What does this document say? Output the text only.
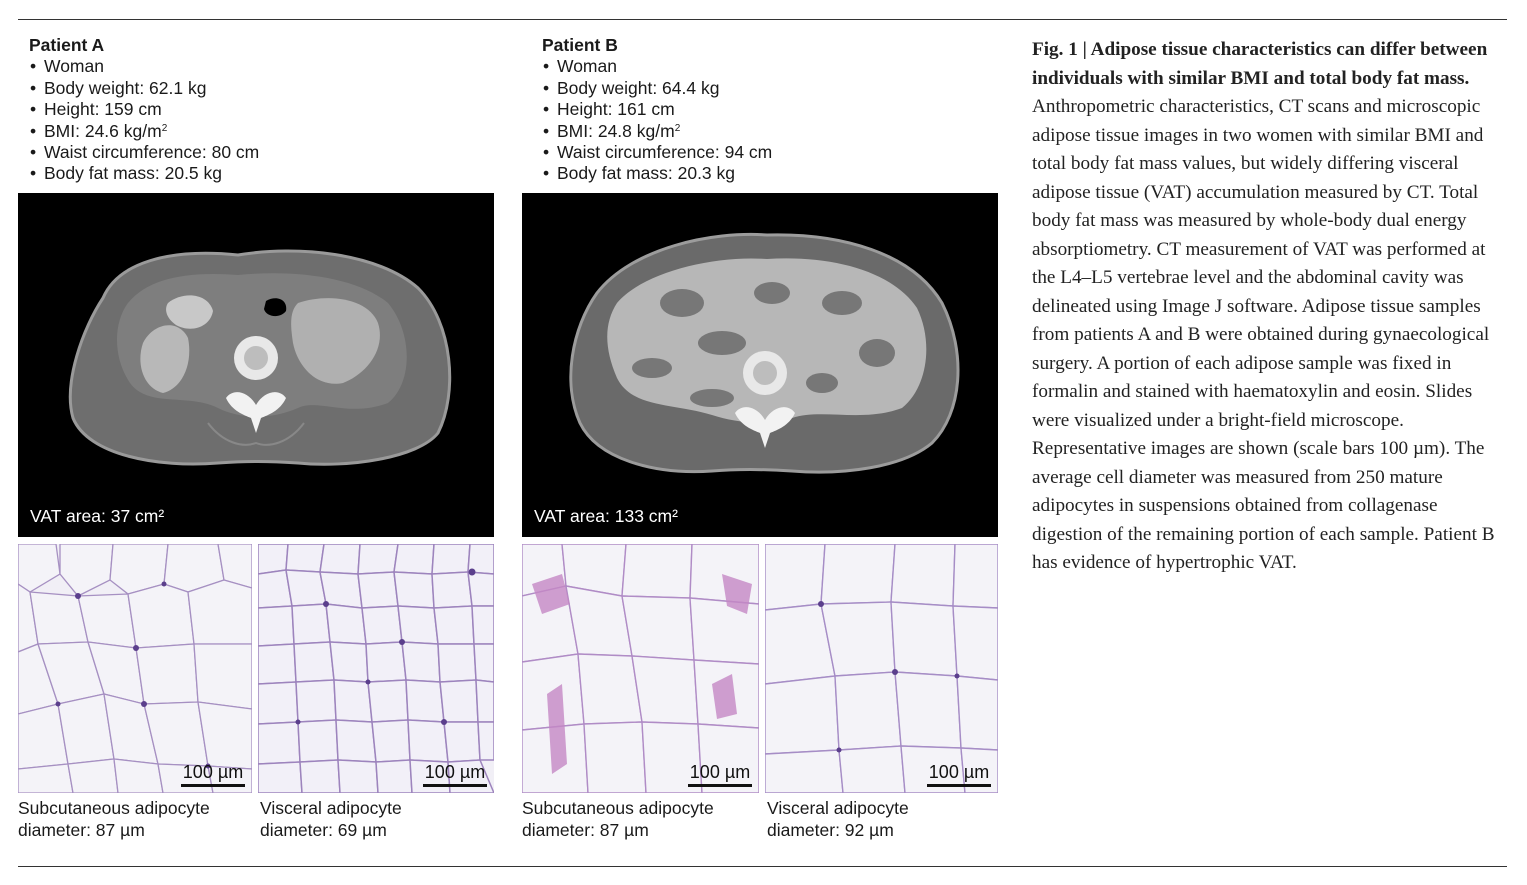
Patient A
• Woman
• Body weight: 62.1 kg
• Height: 159 cm
• BMI: 24.6 $kg/m^2$
• Waist circumference: 80 cm
• Body fat mass: 20.5 kg
Patient B
• Woman
• Body weight: 64.4 kg
• Height: 161 cm
• BMI: 24.8 $kg/m^2$
• Waist circumference: 94 cm
• Body fat mass: 20.3 kg
VAT area: 37 cm²	VAT area: 133 cm²
100 µm	100 µm	100 µm	100 µm
Subcutaneous adipocyte
diameter: 87 µm
Visceral adipocyte
diameter: 69 µm
Subcutaneous adipocyte
diameter: 87 µm
Visceral adipocyte
diameter: 92 µm
Fig. 1 | Adipose tissue characteristics can differ between individuals with similar BMI and total body fat mass. Anthropometric characteristics, CT scans and microscopic adipose tissue images in two women with similar BMI and total body fat mass values, but widely differing visceral adipose tissue (VAT) accumulation measured by CT. Total body fat mass was measured by whole-body dual energy absorptiometry. CT measurement of VAT was performed at the L4–L5 vertebrae level and the abdominal cavity was delineated using Image J software. Adipose tissue samples from patients A and B were obtained during gynaecological surgery. A portion of each adipose sample was fixed in formalin and stained with haematoxylin and eosin. Slides were visualized under a bright-field microscope. Representative images are shown (scale bars 100 µm). The average cell diameter was measured from 250 mature adipocytes in suspensions obtained from collagenase digestion of the remaining portion of each sample. Patient B has evidence of hypertrophic VAT.
